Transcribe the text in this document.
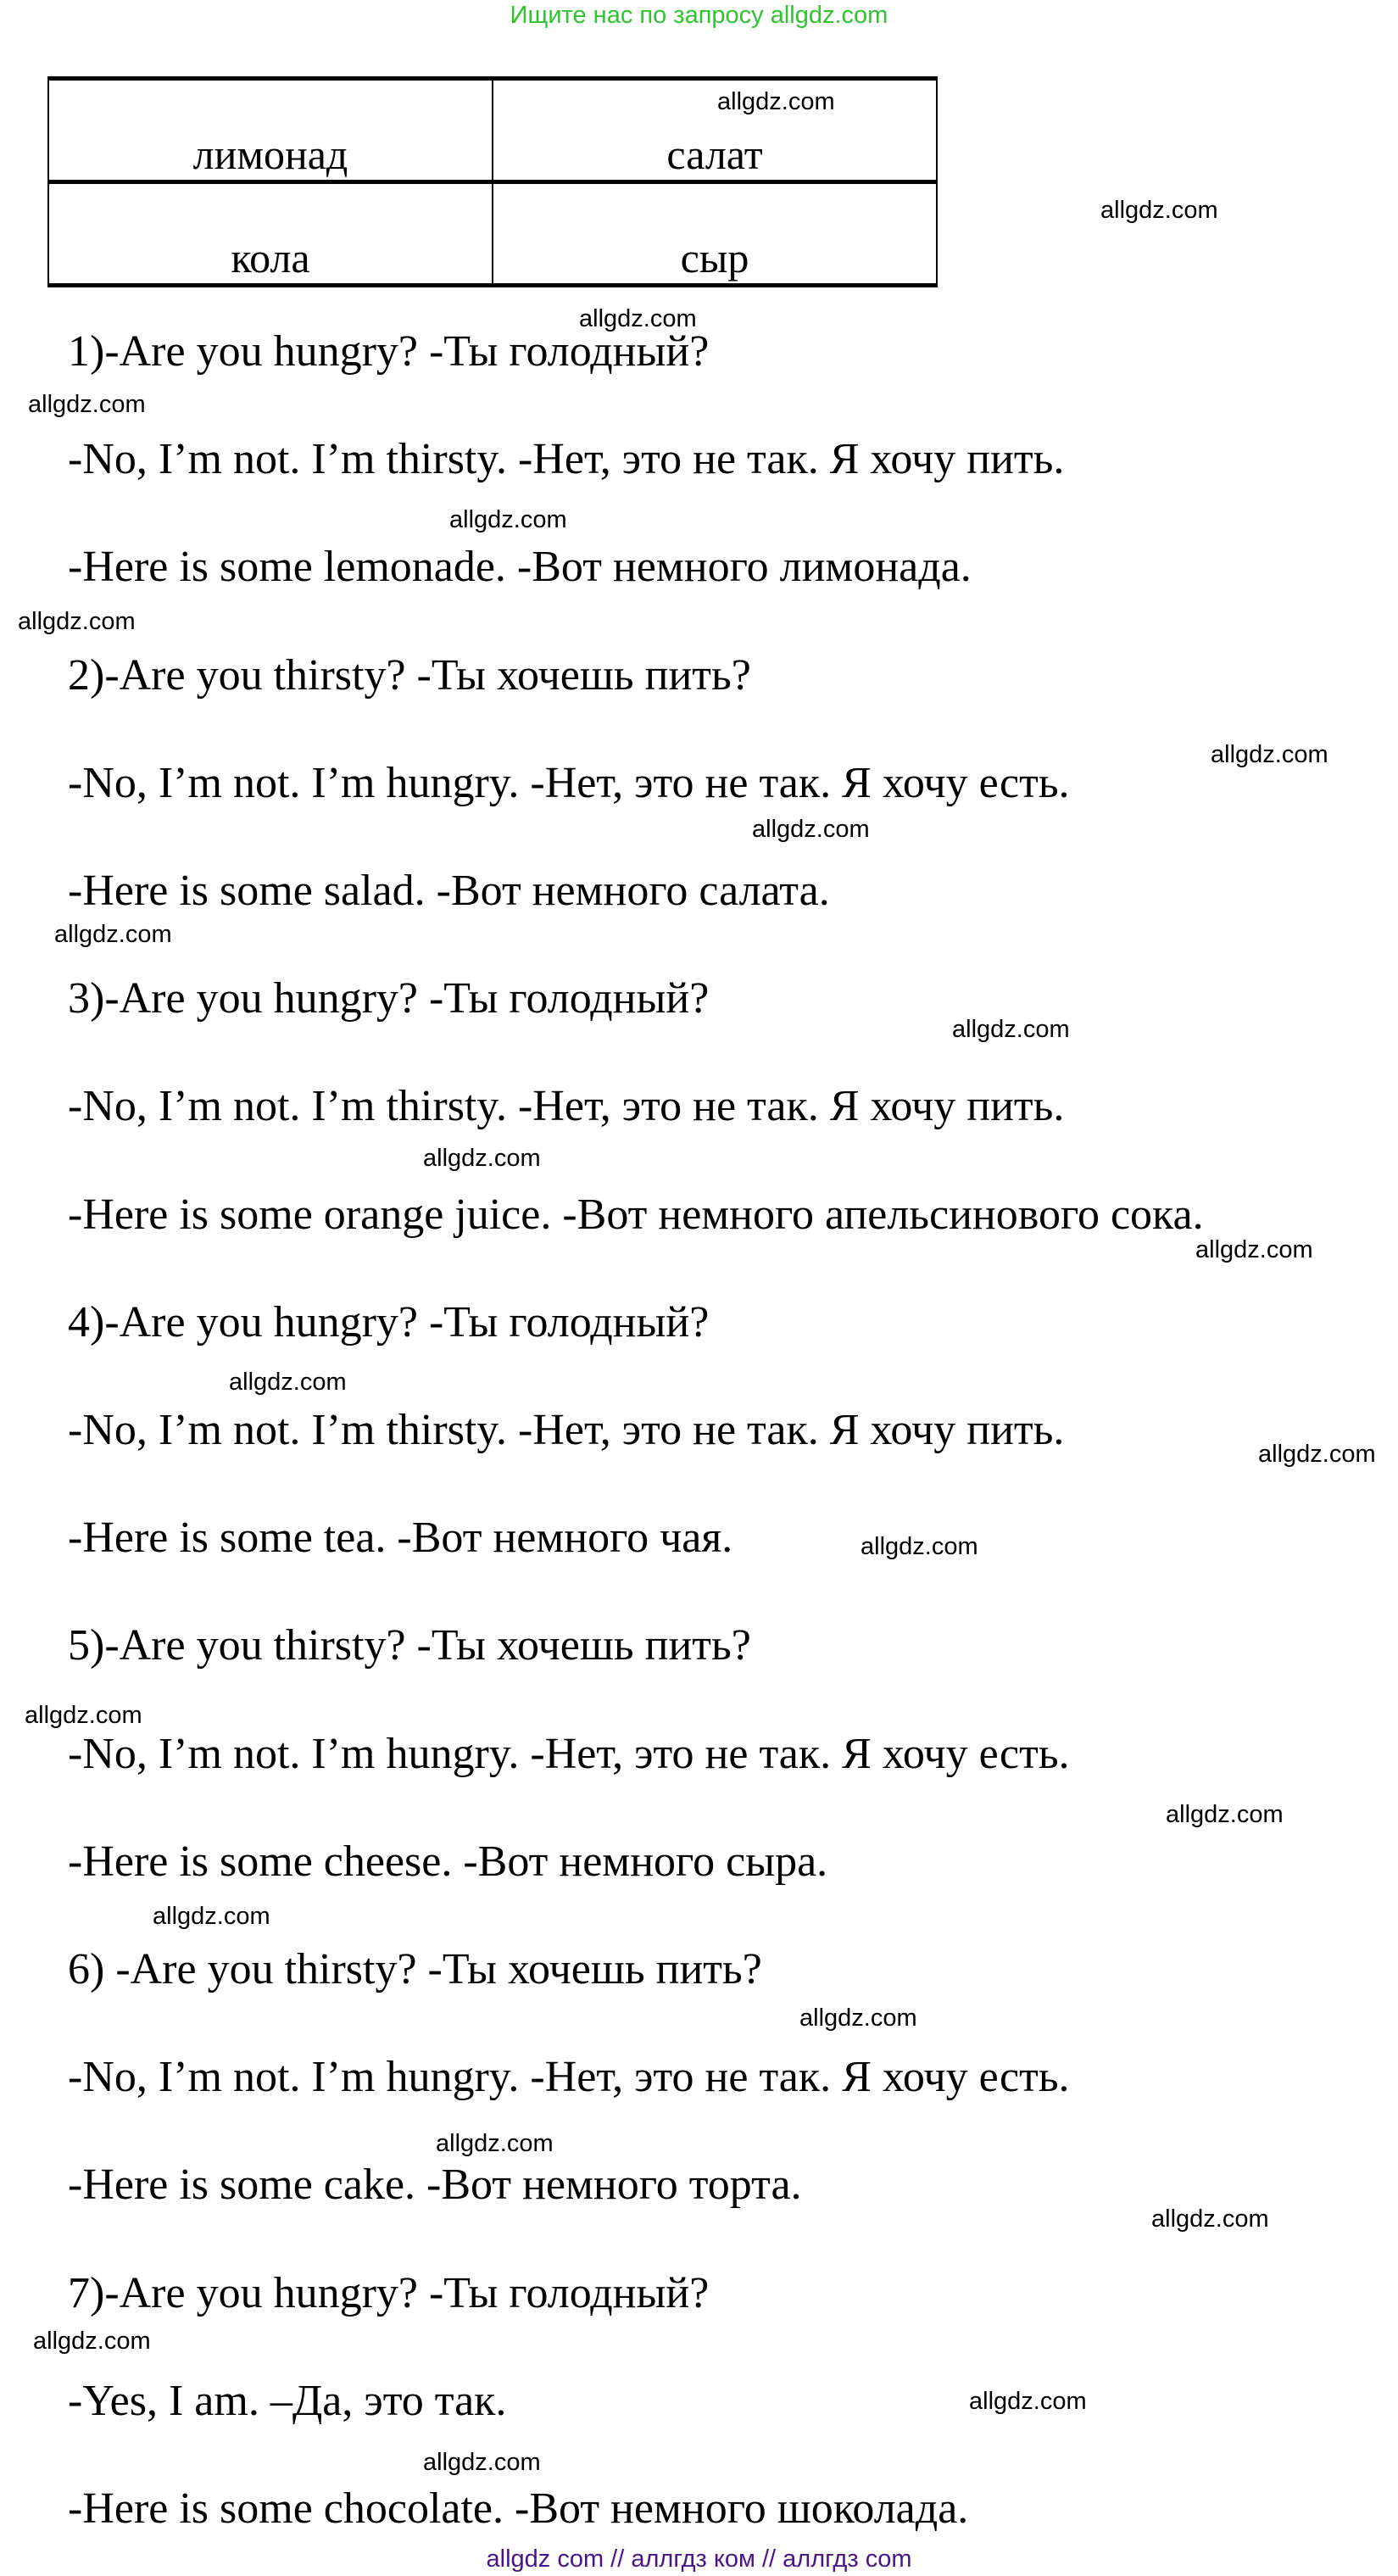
Ищите нас по запросу allgdz.com
лимонад	салат
кола	сыр
1)-Are you hungry? -Ты голодный?
-No, I’m not. I’m thirsty. -Нет, это не так. Я хочу пить.
-Here is some lemonade. -Вот немного лимонада.
2)-Are you thirsty? -Ты хочешь пить?
-No, I’m not. I’m hungry. -Нет, это не так. Я хочу есть.
-Here is some salad. -Вот немного салата.
3)-Are you hungry? -Ты голодный?
-No, I’m not. I’m thirsty. -Нет, это не так. Я хочу пить.
-Here is some orange juice. -Вот немного апельсинового сока.
4)-Are you hungry? -Ты голодный?
-No, I’m not. I’m thirsty. -Нет, это не так. Я хочу пить.
-Here is some tea. -Вот немного чая.
5)-Are you thirsty? -Ты хочешь пить?
-No, I’m not. I’m hungry. -Нет, это не так. Я хочу есть.
-Here is some cheese. -Вот немного сыра.
6) -Are you thirsty? -Ты хочешь пить?
-No, I’m not. I’m hungry. -Нет, это не так. Я хочу есть.
-Here is some cake. -Вот немного торта.
7)-Are you hungry? -Ты голодный?
-Yes, I am. –Да, это так.
-Here is some chocolate. -Вот немного шоколада.
allgdz.com
allgdz.com
allgdz.com
allgdz.com
allgdz.com
allgdz.com
allgdz.com
allgdz.com
allgdz.com
allgdz.com
allgdz.com
allgdz.com
allgdz.com
allgdz.com
allgdz.com
allgdz.com
allgdz.com
allgdz.com
allgdz.com
allgdz.com
allgdz.com
allgdz.com
allgdz.com
allgdz.com
allgdz com // аллгдз ком // аллгдз com
